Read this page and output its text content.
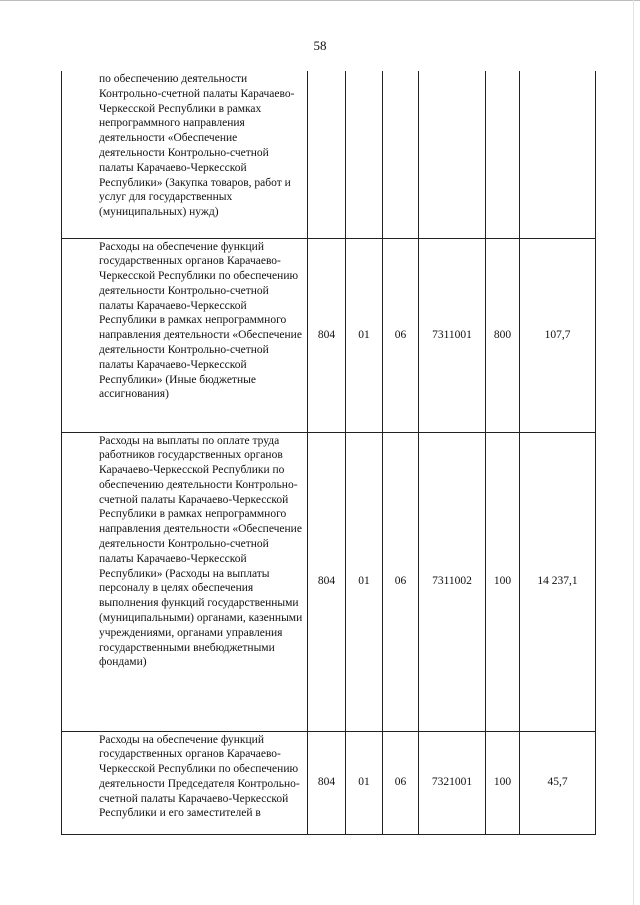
58
по обеспечению деятельности Контрольно-счетной палаты Карачаево-Черкесской Республики в рамках непрограммного направления деятельности «Обеспечение деятельности Контрольно-счетной палаты Карачаево-Черкесской Республики» (Закупка товаров, работ и услуг для государственных (муниципальных) нужд)						
Расходы на обеспечение функций государственных органов Карачаево-Черкесской Республики по обеспечению деятельности Контрольно-счетной палаты Карачаево-Черкесской Республики в рамках непрограммного направления деятельности «Обеспечение деятельности Контрольно-счетной палаты Карачаево-Черкесской Республики» (Иные бюджетные ассигнования)	804	01	06	7311001	800	107,7
Расходы на выплаты по оплате труда работников государственных органов Карачаево-Черкесской Республики по обеспечению деятельности Контрольно-счетной палаты Карачаево-Черкесской Республики в рамках непрограммного направления деятельности «Обеспечение деятельности Контрольно-счетной палаты Карачаево-Черкесской Республики» (Расходы на выплаты персоналу в целях обеспечения выполнения функций государственными (муниципальными) органами, казенными учреждениями, органами управления государственными внебюджетными фондами)	804	01	06	7311002	100	14 237,1
Расходы на обеспечение функций государственных органов Карачаево-Черкесской Республики по обеспечению деятельности Председателя Контрольно-счетной палаты Карачаево-Черкесской Республики и его заместителей в	804	01	06	7321001	100	45,7
